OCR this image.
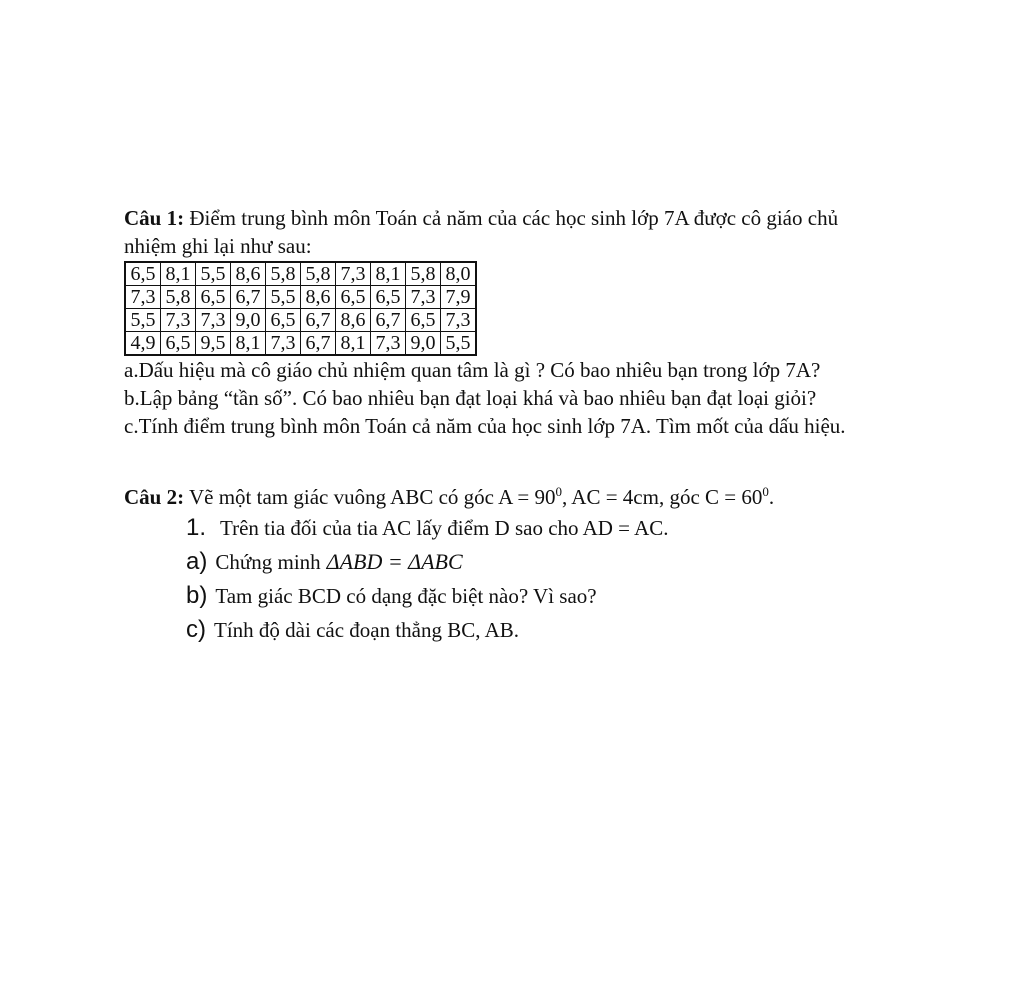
Câu 1: Điểm trung bình môn Toán cả năm của các học sinh lớp 7A được cô giáo chủ

nhiệm ghi lại như sau:

6,5	8,1	5,5	8,6	5,8	5,8	7,3	8,1	5,8	8,0
7,3	5,8	6,5	6,7	5,5	8,6	6,5	6,5	7,3	7,9
5,5	7,3	7,3	9,0	6,5	6,7	8,6	6,7	6,5	7,3
4,9	6,5	9,5	8,1	7,3	6,7	8,1	7,3	9,0	5,5

a.Dấu hiệu mà cô giáo chủ nhiệm quan tâm là gì ? Có bao nhiêu bạn trong lớp 7A?

b.Lập bảng “tần số”. Có bao nhiêu bạn đạt loại khá và bao nhiêu bạn đạt loại giỏi?

c.Tính điểm trung bình môn Toán cả năm của học sinh lớp 7A. Tìm mốt của dấu hiệu.

Câu 2: Vẽ một tam giác vuông ABC có góc $A = 90^0$, AC = 4cm, góc $C = 60^0$.

1. Trên tia đối của tia AC lấy điểm D sao cho AD = AC.
a) Chứng minh ΔABD = ΔABC
b) Tam giác BCD có dạng đặc biệt nào? Vì sao?
c) Tính độ dài các đoạn thẳng BC, AB.
